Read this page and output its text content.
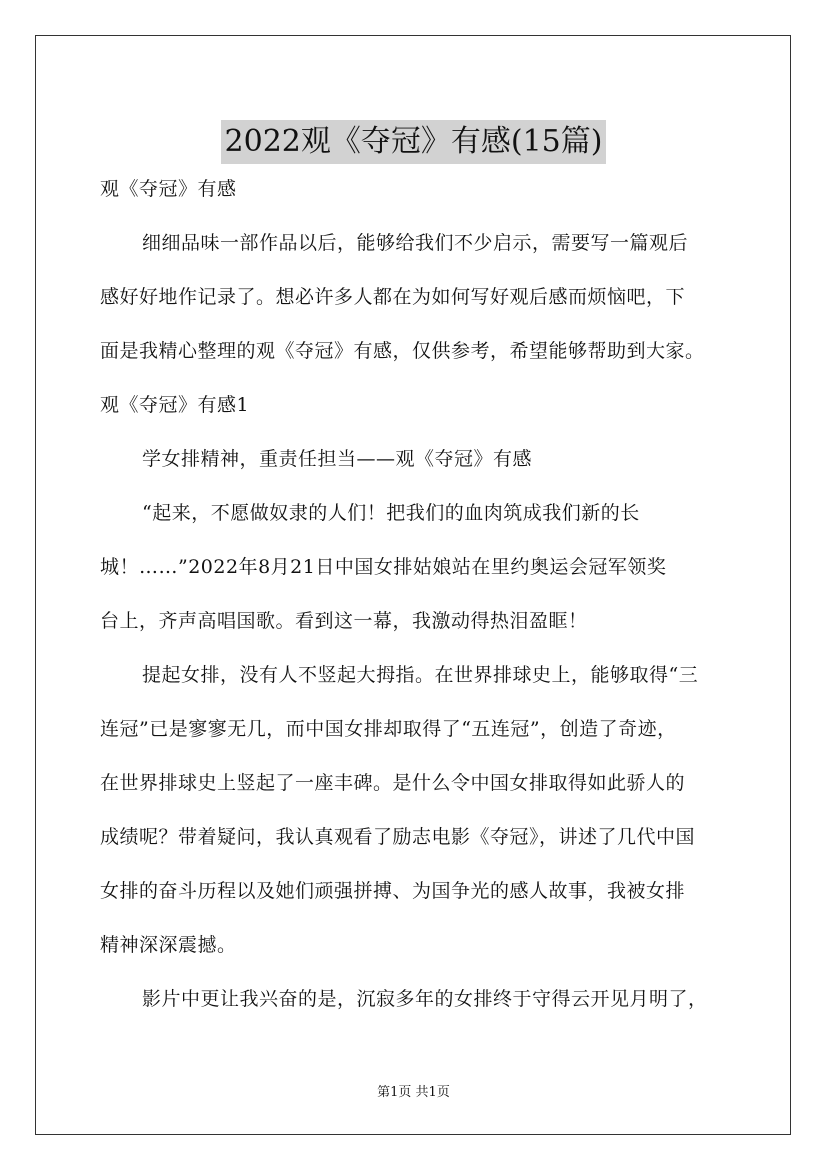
2022观《夺冠》有感(15篇)
观《夺冠》有感
细细品味一部作品以后，能够给我们不少启示，需要写一篇观后
感好好地作记录了。想必许多人都在为如何写好观后感而烦恼吧，下
面是我精心整理的观《夺冠》有感，仅供参考，希望能够帮助到大家。
观《夺冠》有感1
学女排精神，重责任担当——观《夺冠》有感
“起来，不愿做奴隶的人们！把我们的血肉筑成我们新的长
城！……”2022年8月21日中国女排姑娘站在里约奥运会冠军领奖
台上，齐声高唱国歌。看到这一幕，我激动得热泪盈眶！
提起女排，没有人不竖起大拇指。在世界排球史上，能够取得“三
连冠”已是寥寥无几，而中国女排却取得了“五连冠”，创造了奇迹，
在世界排球史上竖起了一座丰碑。是什么令中国女排取得如此骄人的
成绩呢？带着疑问，我认真观看了励志电影《夺冠》，讲述了几代中国
女排的奋斗历程以及她们顽强拼搏、为国争光的感人故事，我被女排
精神深深震撼。
影片中更让我兴奋的是，沉寂多年的女排终于守得云开见月明了，
第1页 共1页
